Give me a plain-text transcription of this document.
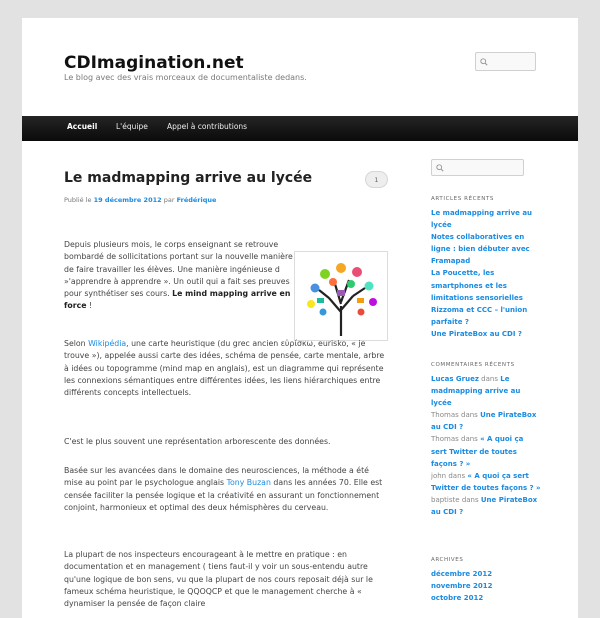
CDImagination.net

Le blog avec des vrais morceaux de documentaliste dedans.

Accueil L'équipe	Appel à contributions
Le madmapping arrive au lycée	1
Publié le 19 décembre 2012 par Frédérique

Depuis plusieurs mois, le corps enseignant se retrouve bombardé de sollicitations portant sur la nouvelle manière de faire travailler les élèves. Une manière ingénieuse d »'apprendre à apprendre ». Un outil qui a fait ses preuves pour synthétiser ses cours. Le mind mapping arrive en force !

Selon Wikipédia, une carte heuristique (du grec ancien εὑρίσκω, eurisko, « je trouve »), appelée aussi carte des idées, schéma de pensée, carte mentale, arbre à idées ou topogramme (mind map en anglais), est un diagramme qui représente les connexions sémantiques entre différentes idées, les liens hiérarchiques entre différents concepts intellectuels.

C'est le plus souvent une représentation arborescente des données.

Basée sur les avancées dans le domaine des neurosciences, la méthode a été mise au point par le psychologue anglais Tony Buzan dans les années 70. Elle est censée faciliter la pensée logique et la créativité en assurant un fonctionnement conjoint, harmonieux et optimal des deux hémisphères du cerveau.

La plupart de nos inspecteurs encourageant à le mettre en pratique : en documentation et en management ( tiens faut-il y voir un sous-entendu autre qu'une logique de bon sens, vu que la plupart de nos cours reposait déjà sur le fameux schéma heuristique, le QQOQCP et que le management cherche à « dynamiser la pensée de façon claire

ARTICLES RÉCENTS
Le madmapping arrive au lycée
Notes collaboratives en ligne : bien débuter avec Framapad
La Poucette, les smartphones et les limitations sensorielles
Rizzoma et CCC – l'union parfaite ?
Une PirateBox au CDI ?
COMMENTAIRES RÉCENTS
Lucas Gruez dans Le madmapping arrive au lycée
Thomas dans Une PirateBox au CDI ?
Thomas dans « A quoi ça sert Twitter de toutes façons ? »
john dans « A quoi ça sert Twitter de toutes façons ? »
baptiste dans Une PirateBox au CDI ?
ARCHIVES
décembre 2012
novembre 2012
octobre 2012
